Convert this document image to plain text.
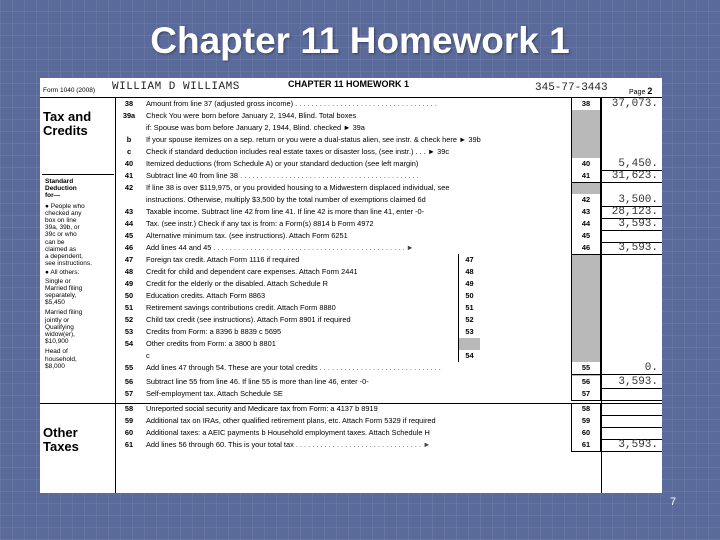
Chapter 11 Homework 1
Form 1040 (2008) WILLIAM D WILLIAMS	CHAPTER 11 HOMEWORK 1	345-77-3443	Page 2
Tax and Credits
Standard
Deduction
for—
● People who
checked any
box on line
39a, 39b, or
39c or who
can be
claimed as
a dependent,
see instructions.
● All others:
Single or
Married filing
separately,
$5,450
Married filing
jointly or
Qualifying
widow(er),
$10,900
Head of
household,
$8,000
Other Taxes
38	Amount from line 37 (adjusted gross income) . . . . . . . . . . . . . . . . . . . . . . . . . . . . . . . . . . .	38	37,073.
39a	Check You were born before January 2, 1944, Blind. Total boxes
if: Spouse was born before January 2, 1944, Blind. checked ► 39a
b	If your spouse itemizes on a sep. return or you were a dual-status alien, see instr. & check here ► 39b
c	Check if standard deduction includes real estate taxes or disaster loss, (see instr.) . . . ► 39c
40	Itemized deductions (from Schedule A) or your standard deduction (see left margin)	40	5,450.
41	Subtract line 40 from line 38 . . . . . . . . . . . . . . . . . . . . . . . . . . . . . . . . . . . . . . . . . . . .	41	31,623.
42	If line 38 is over $119,975, or you provided housing to a Midwestern displaced individual, see
instructions. Otherwise, multiply $3,500 by the total number of exemptions claimed 6d	42	3,500.
43	Taxable income. Subtract line 42 from line 41. If line 42 is more than line 41, enter -0-	43	28,123.
44	Tax. (see instr.) Check if any tax is from: a Form(s) 8814 b Form 4972	44	3,593.
45	Alternative minimum tax. (see instructions). Attach Form 6251	45
46	Add lines 44 and 45 . . . . . . . . . . . . . . . . . . . . . . . . . . . . . . . . . . . . . . . . . . . . . . . ►	46	3,593.
47	Foreign tax credit. Attach Form 1116 if required	47
48	Credit for child and dependent care expenses. Attach Form 2441	48
49	Credit for the elderly or the disabled. Attach Schedule R	49
50	Education credits. Attach Form 8863	50
51	Retirement savings contributions credit. Attach Form 8880	51
52	Child tax credit (see instructions). Attach Form 8901 if required	52
53	Credits from Form: a 8396 b 8839 c 5695	53
54	Other credits from Form: a 3800 b 8801
c	54
55	Add lines 47 through 54. These are your total credits . . . . . . . . . . . . . . . . . . . . . . . . . . . . . .	55	0.
56	Subtract line 55 from line 46. If line 55 is more than line 46, enter -0-	56	3,593.
57	Self-employment tax. Attach Schedule SE	57
58	Unreported social security and Medicare tax from Form: a 4137 b 8919	58
59	Additional tax on IRAs, other qualified retirement plans, etc. Attach Form 5329 if required	59
60	Additional taxes: a AEIC payments b Household employment taxes. Attach Schedule H	60
61	Add lines 56 through 60. This is your total tax . . . . . . . . . . . . . . . . . . . . . . . . . . . . . . . ►	61	3,593.
7
